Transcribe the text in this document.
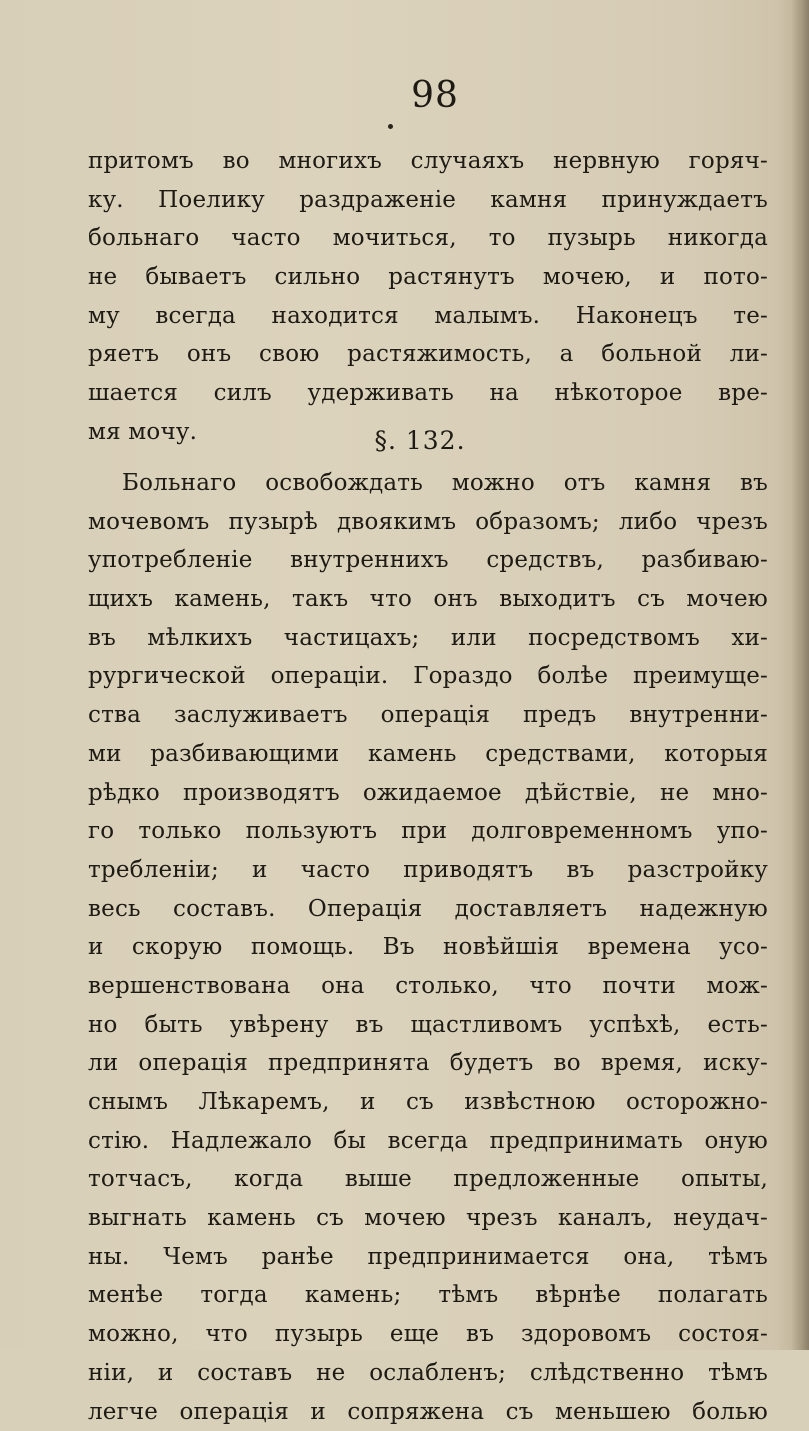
98
притомъ во многихъ случаяхъ нервную горяч-
ку. Поелику раздраженіе камня принуждаетъ
больнаго часто мочиться, то пузырь никогда
не бываетъ сильно растянутъ мочею, и пото-
му всегда находится малымъ. Наконецъ те-
ряетъ онъ свою растяжимость, а больной ли-
шается силъ удерживать на нѣкоторое вре-
мя мочу.	§. 132.
Больнаго освобождать можно отъ камня въ
мочевомъ пузырѣ двоякимъ образомъ; либо чрезъ
употребленіе внутреннихъ средствъ, разбиваю-
щихъ камень, такъ что онъ выходитъ съ мочею
въ мѣлкихъ частицахъ; или посредствомъ хи-
рургической операціи. Гораздо болѣе преимуще-
ства заслуживаетъ операція предъ внутренни-
ми разбивающими камень средствами, которыя
рѣдко производятъ ожидаемое дѣйствіе, не мно-
го только пользуютъ при долговременномъ упо-
требленіи; и часто приводятъ въ разстройку
весь составъ. Операція доставляетъ надежную
и скорую помощь. Въ новѣйшія времена усо-
вершенствована она столько, что почти мож-
но быть увѣрену въ щастливомъ успѣхѣ, есть-
ли операція предпринята будетъ во время, иску-
снымъ Лѣкаремъ, и съ извѣстною осторожно-
стію. Надлежало бы всегда предпринимать оную
тотчасъ, когда выше предложенные опыты,
выгнать камень съ мочею чрезъ каналъ, неудач-
ны. Чемъ ранѣе предпринимается она, тѣмъ
менѣе тогда камень; тѣмъ вѣрнѣе полагать
можно, что пузырь еще въ здоровомъ состоя-
ніи, и составъ не ослабленъ; слѣдственно тѣмъ
легче операція и сопряжена съ меньшею болью
